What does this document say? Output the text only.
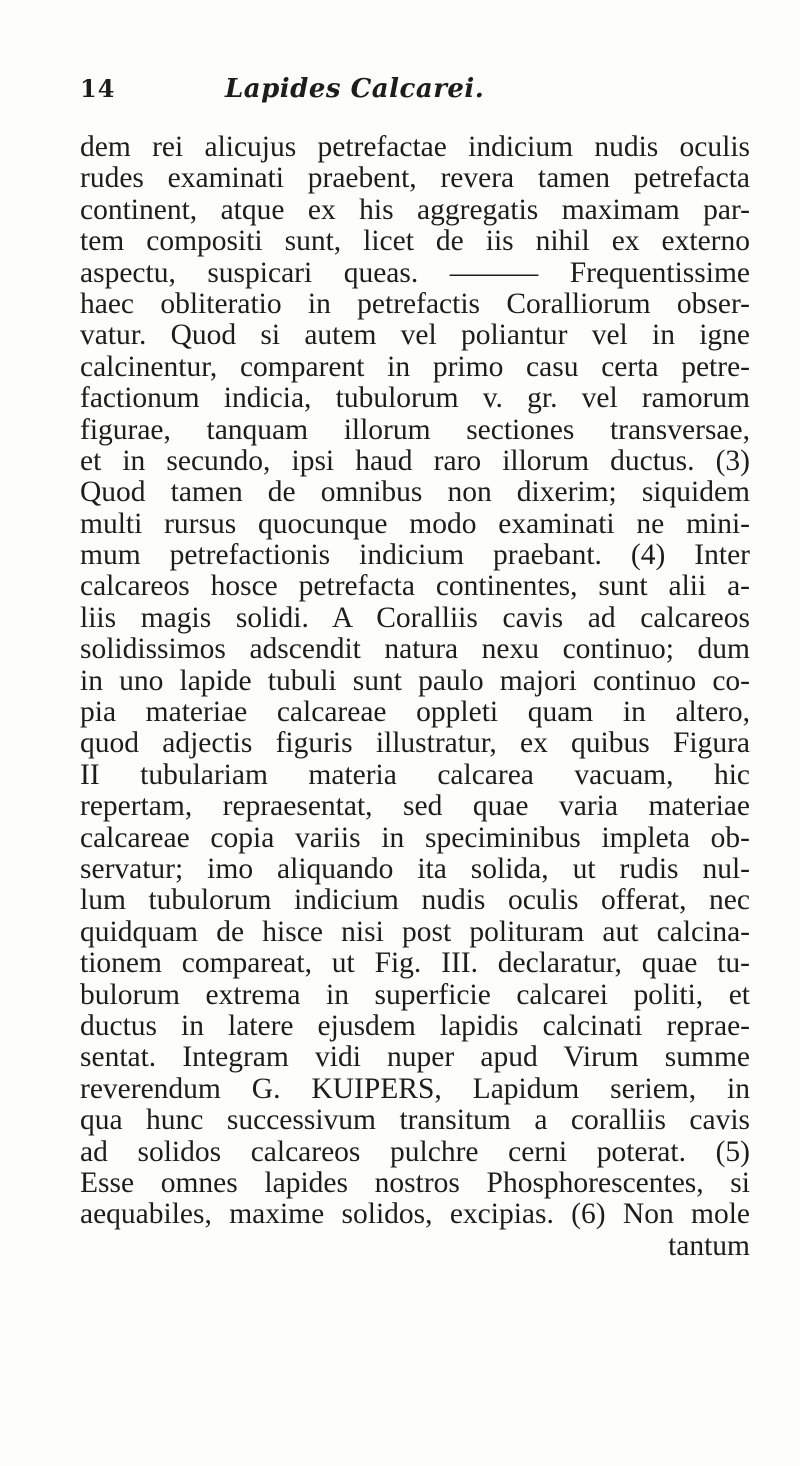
14	Lapides Calcarei.
dem rei alicujus petrefactae indicium nudis oculis
rudes examinati praebent, revera tamen petrefacta
continent, atque ex his aggregatis maximam par-
tem compositi sunt, licet de iis nihil ex externo
aspectu, suspicari queas. ——— Frequentissime
haec obliteratio in petrefactis Coralliorum obser-
vatur. Quod si autem vel poliantur vel in igne
calcinentur, comparent in primo casu certa petre-
factionum indicia, tubulorum v. gr. vel ramorum
figurae, tanquam illorum sectiones transversae,
et in secundo, ipsi haud raro illorum ductus. (3)
Quod tamen de omnibus non dixerim; siquidem
multi rursus quocunque modo examinati ne mini-
mum petrefactionis indicium praebant. (4) Inter
calcareos hosce petrefacta continentes, sunt alii a-
liis magis solidi. A Coralliis cavis ad calcareos
solidissimos adscendit natura nexu continuo; dum
in uno lapide tubuli sunt paulo majori continuo co-
pia materiae calcareae oppleti quam in altero,
quod adjectis figuris illustratur, ex quibus Figura
II tubulariam materia calcarea vacuam, hic
repertam, repraesentat, sed quae varia materiae
calcareae copia variis in speciminibus impleta ob-
servatur; imo aliquando ita solida, ut rudis nul-
lum tubulorum indicium nudis oculis offerat, nec
quidquam de hisce nisi post polituram aut calcina-
tionem compareat, ut Fig. III. declaratur, quae tu-
bulorum extrema in superficie calcarei politi, et
ductus in latere ejusdem lapidis calcinati reprae-
sentat. Integram vidi nuper apud Virum summe
reverendum G. KUIPERS, Lapidum seriem, in
qua hunc successivum transitum a coralliis cavis
ad solidos calcareos pulchre cerni poterat. (5)
Esse omnes lapides nostros Phosphorescentes, si
aequabiles, maxime solidos, excipias. (6) Non mole
tantum
